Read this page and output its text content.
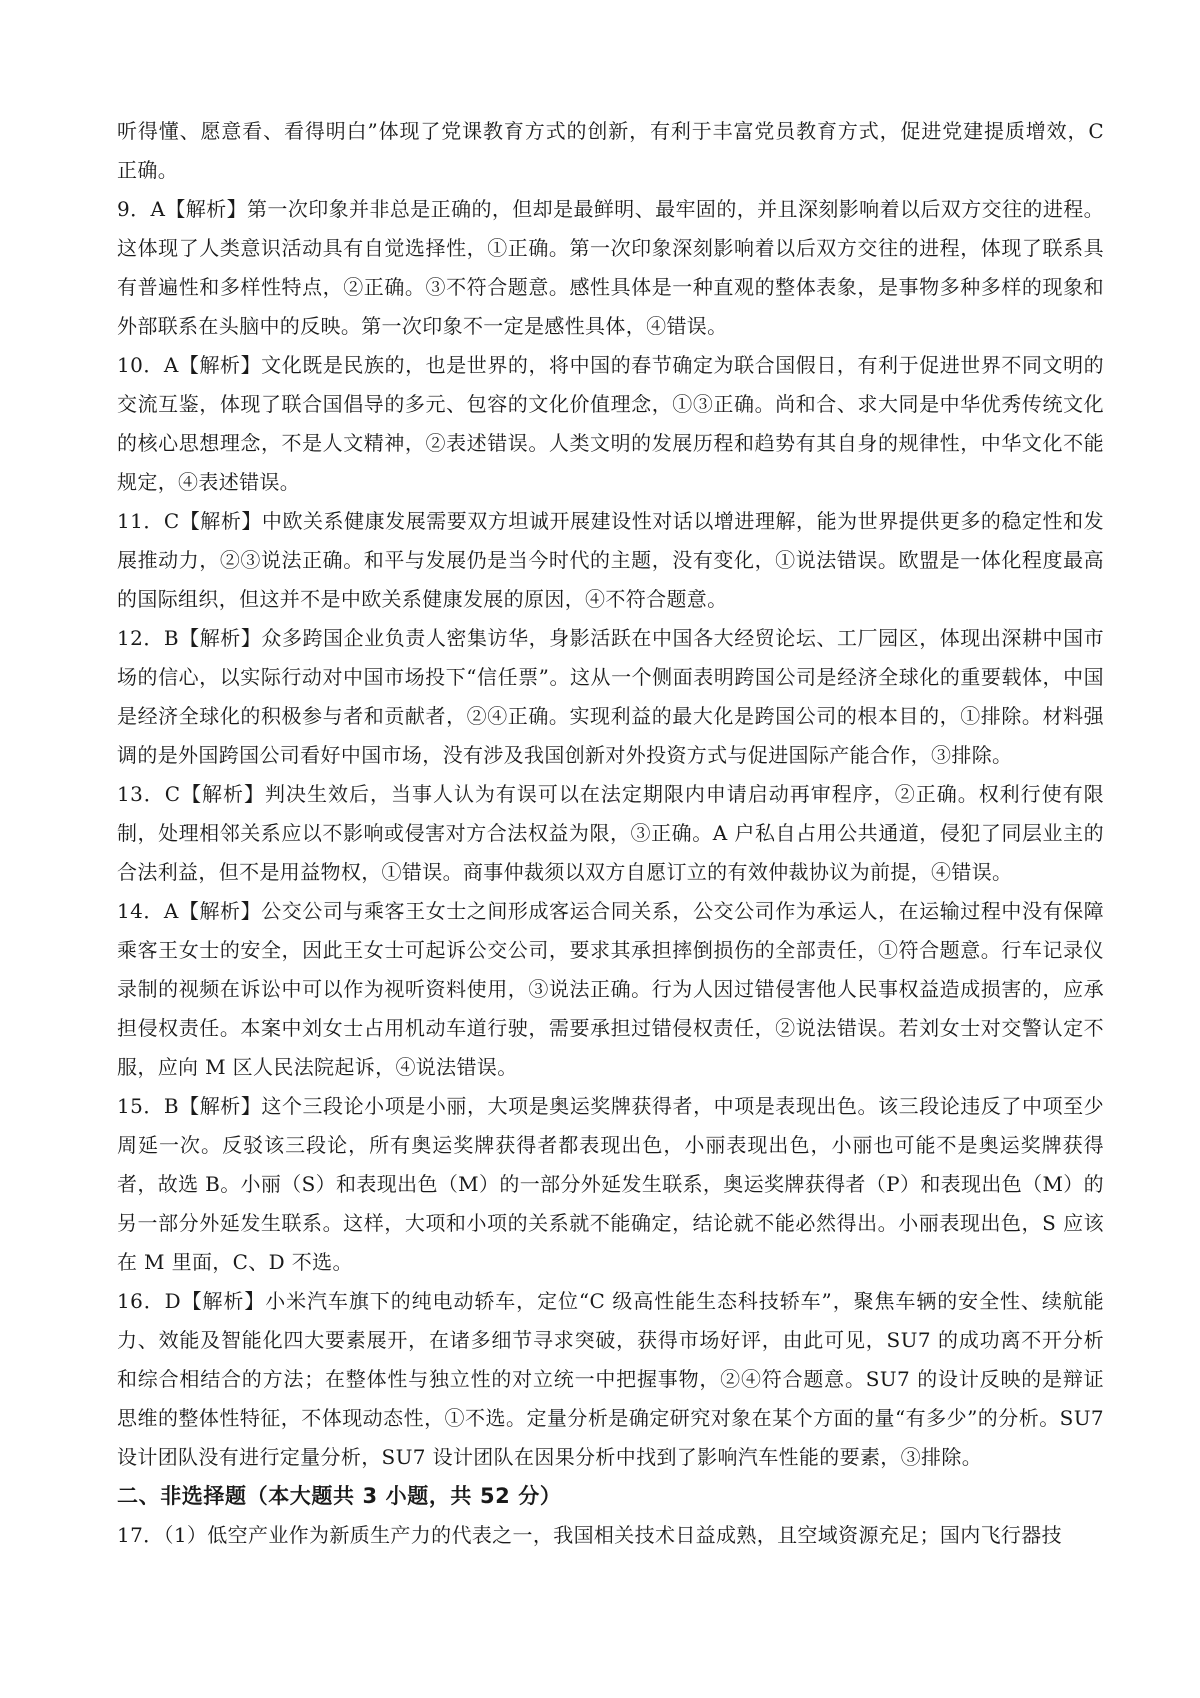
听得懂、愿意看、看得明白”体现了党课教育方式的创新，有利于丰富党员教育方式，促进党建提质增效，C 正确。

9．A【解析】第一次印象并非总是正确的，但却是最鲜明、最牢固的，并且深刻影响着以后双方交往的进程。这体现了人类意识活动具有自觉选择性，①正确。第一次印象深刻影响着以后双方交往的进程，体现了联系具有普遍性和多样性特点，②正确。③不符合题意。感性具体是一种直观的整体表象，是事物多种多样的现象和外部联系在头脑中的反映。第一次印象不一定是感性具体，④错误。

10．A【解析】文化既是民族的，也是世界的，将中国的春节确定为联合国假日，有利于促进世界不同文明的交流互鉴，体现了联合国倡导的多元、包容的文化价值理念，①③正确。尚和合、求大同是中华优秀传统文化的核心思想理念，不是人文精神，②表述错误。人类文明的发展历程和趋势有其自身的规律性，中华文化不能规定，④表述错误。

11．C【解析】中欧关系健康发展需要双方坦诚开展建设性对话以增进理解，能为世界提供更多的稳定性和发展推动力，②③说法正确。和平与发展仍是当今时代的主题，没有变化，①说法错误。欧盟是一体化程度最高的国际组织，但这并不是中欧关系健康发展的原因，④不符合题意。

12．B【解析】众多跨国企业负责人密集访华，身影活跃在中国各大经贸论坛、工厂园区，体现出深耕中国市场的信心，以实际行动对中国市场投下“信任票”。这从一个侧面表明跨国公司是经济全球化的重要载体，中国是经济全球化的积极参与者和贡献者，②④正确。实现利益的最大化是跨国公司的根本目的，①排除。材料强调的是外国跨国公司看好中国市场，没有涉及我国创新对外投资方式与促进国际产能合作，③排除。

13．C【解析】判决生效后，当事人认为有误可以在法定期限内申请启动再审程序，②正确。权利行使有限制，处理相邻关系应以不影响或侵害对方合法权益为限，③正确。A 户私自占用公共通道，侵犯了同层业主的合法利益，但不是用益物权，①错误。商事仲裁须以双方自愿订立的有效仲裁协议为前提，④错误。

14．A【解析】公交公司与乘客王女士之间形成客运合同关系，公交公司作为承运人，在运输过程中没有保障乘客王女士的安全，因此王女士可起诉公交公司，要求其承担摔倒损伤的全部责任，①符合题意。行车记录仪录制的视频在诉讼中可以作为视听资料使用，③说法正确。行为人因过错侵害他人民事权益造成损害的，应承担侵权责任。本案中刘女士占用机动车道行驶，需要承担过错侵权责任，②说法错误。若刘女士对交警认定不服，应向 M 区人民法院起诉，④说法错误。

15．B【解析】这个三段论小项是小丽，大项是奥运奖牌获得者，中项是表现出色。该三段论违反了中项至少周延一次。反驳该三段论，所有奥运奖牌获得者都表现出色，小丽表现出色，小丽也可能不是奥运奖牌获得者，故选 B。小丽（S）和表现出色（M）的一部分外延发生联系，奥运奖牌获得者（P）和表现出色（M）的另一部分外延发生联系。这样，大项和小项的关系就不能确定，结论就不能必然得出。小丽表现出色，S 应该在 M 里面，C、D 不选。

16．D【解析】小米汽车旗下的纯电动轿车，定位“C 级高性能生态科技轿车”，聚焦车辆的安全性、续航能力、效能及智能化四大要素展开，在诸多细节寻求突破，获得市场好评，由此可见，SU7 的成功离不开分析和综合相结合的方法；在整体性与独立性的对立统一中把握事物，②④符合题意。SU7 的设计反映的是辩证思维的整体性特征，不体现动态性，①不选。定量分析是确定研究对象在某个方面的量“有多少”的分析。SU7 设计团队没有进行定量分析，SU7 设计团队在因果分析中找到了影响汽车性能的要素，③排除。

二、非选择题（本大题共 3 小题，共 52 分）

17．（1）低空产业作为新质生产力的代表之一，我国相关技术日益成熟，且空域资源充足；国内飞行器技
